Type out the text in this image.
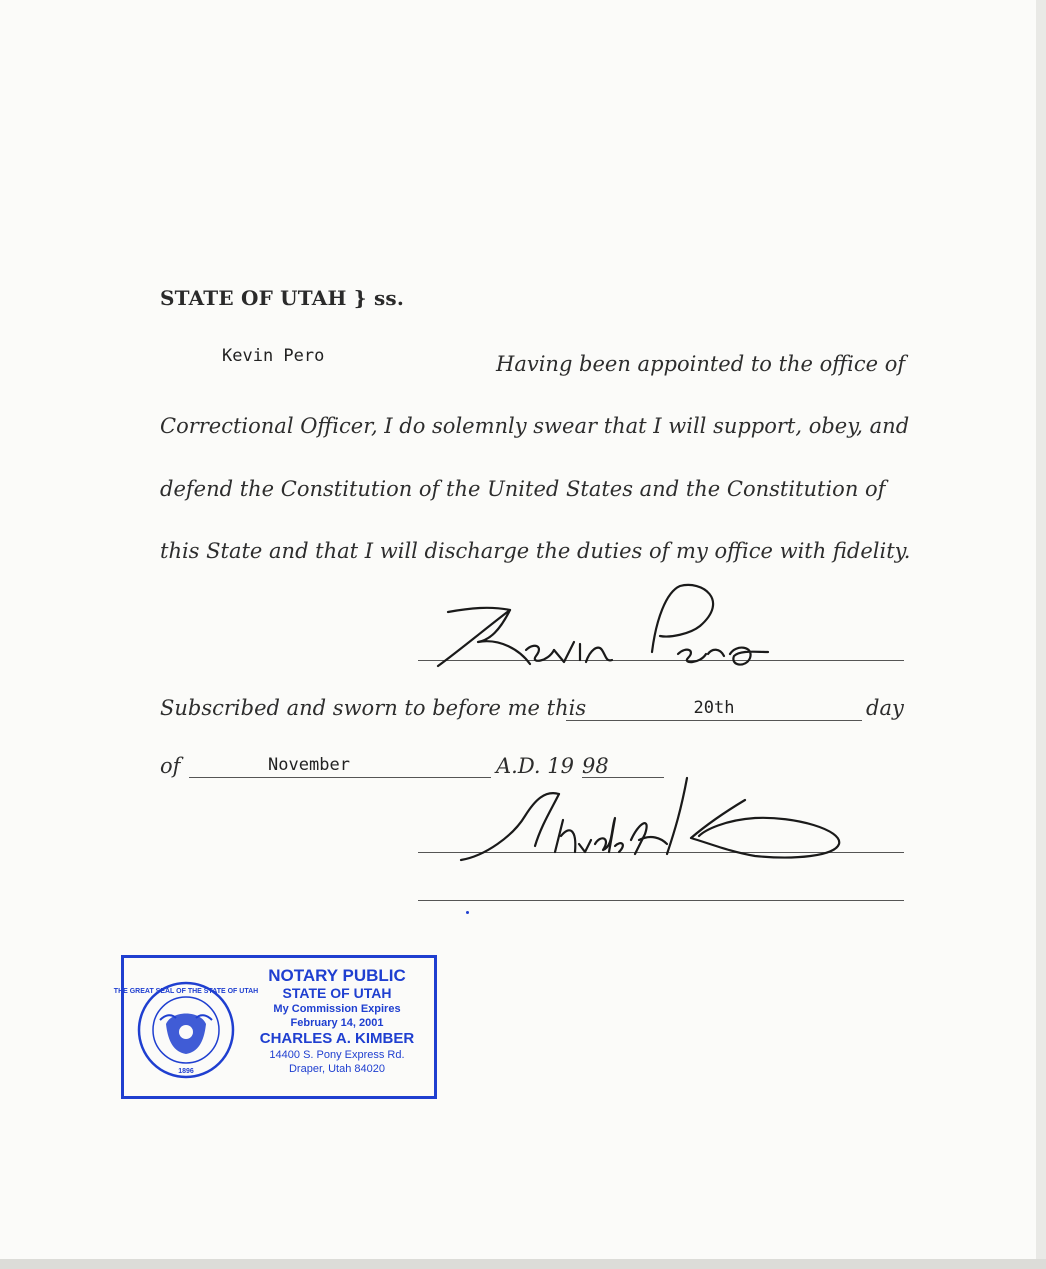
STATE OF UTAH } ss.
Kevin Pero	Having been appointed to the office of
Correctional Officer, I do solemnly swear that I will support, obey, and
defend the Constitution of the United States and the Constitution of
this State and that I will discharge the duties of my office with fidelity.
Subscribed and sworn to before me this	20th	day
of	November	A.D. 19 98
THE GREAT SEAL OF THE STATE OF UTAH
1896
NOTARY PUBLIC
STATE OF UTAH
My Commission Expires
February 14, 2001
CHARLES A. KIMBER
14400 S. Pony Express Rd.
Draper, Utah 84020
